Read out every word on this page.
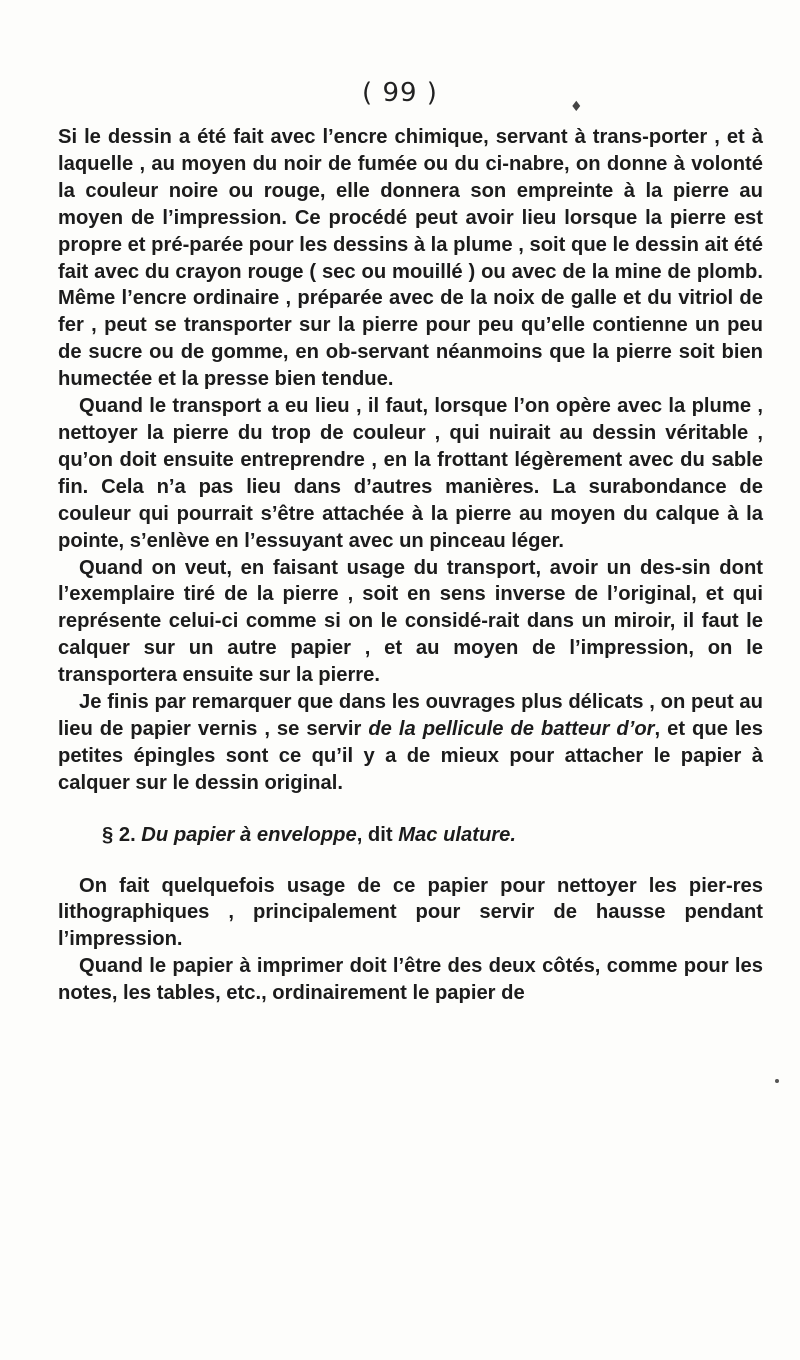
( 99 )	♦

Si le dessin a été fait avec l’encre chimique, servant à trans-porter , et à laquelle , au moyen du noir de fumée ou du ci-nabre, on donne à volonté la couleur noire ou rouge, elle donnera son empreinte à la pierre au moyen de l’impression. Ce procédé peut avoir lieu lorsque la pierre est propre et pré-parée pour les dessins à la plume , soit que le dessin ait été fait avec du crayon rouge ( sec ou mouillé ) ou avec de la mine de plomb. Même l’encre ordinaire , préparée avec de la noix de galle et du vitriol de fer , peut se transporter sur la pierre pour peu qu’elle contienne un peu de sucre ou de gomme, en ob-servant néanmoins que la pierre soit bien humectée et la presse bien tendue.

Quand le transport a eu lieu , il faut, lorsque l’on opère avec la plume , nettoyer la pierre du trop de couleur , qui nuirait au dessin véritable , qu’on doit ensuite entreprendre , en la frottant légèrement avec du sable fin. Cela n’a pas lieu dans d’autres manières. La surabondance de couleur qui pourrait s’être attachée à la pierre au moyen du calque à la pointe, s’enlève en l’essuyant avec un pinceau léger.

Quand on veut, en faisant usage du transport, avoir un des-sin dont l’exemplaire tiré de la pierre , soit en sens inverse de l’original, et qui représente celui-ci comme si on le considé-rait dans un miroir, il faut le calquer sur un autre papier , et au moyen de l’impression, on le transportera ensuite sur la pierre.

Je finis par remarquer que dans les ouvrages plus délicats , on peut au lieu de papier vernis , se servir de la pellicule de batteur d’or, et que les petites épingles sont ce qu’il y a de mieux pour attacher le papier à calquer sur le dessin original.

§ 2. Du papier à enveloppe, dit Mac ulature.

On fait quelquefois usage de ce papier pour nettoyer les pier-res lithographiques , principalement pour servir de hausse pendant l’impression.

Quand le papier à imprimer doit l’être des deux côtés, comme pour les notes, les tables, etc., ordinairement le papier de
